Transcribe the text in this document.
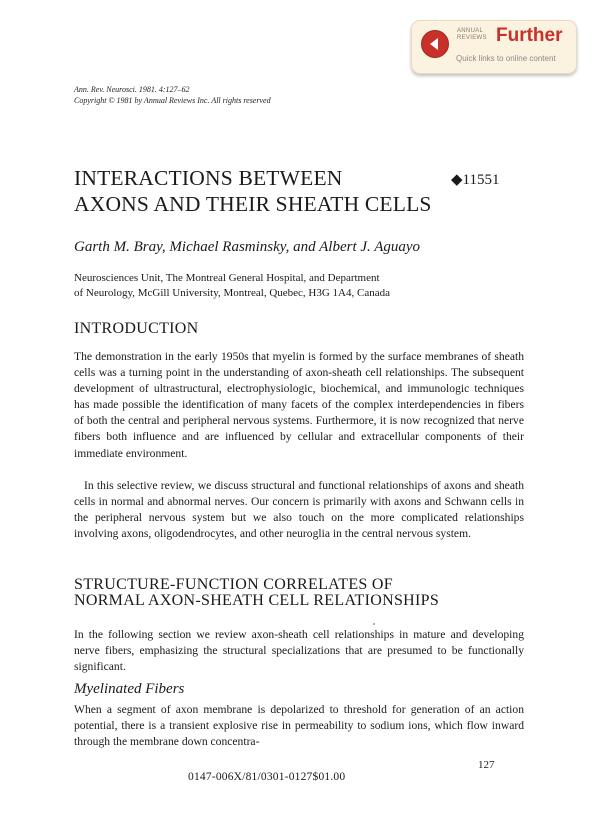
ANNUAL
REVIEWS Further
Quick links to online content
Ann. Rev. Neurosci. 1981. 4:127–62
Copyright © 1981 by Annual Reviews Inc. All rights reserved
INTERACTIONS BETWEEN
AXONS AND THEIR SHEATH CELLS
◆11551
Garth M. Bray, Michael Rasminsky, and Albert J. Aguayo
Neurosciences Unit, The Montreal General Hospital, and Department
of Neurology, McGill University, Montreal, Quebec, H3G 1A4, Canada
INTRODUCTION

The demonstration in the early 1950s that myelin is formed by the surface membranes of sheath cells was a turning point in the understanding of axon-sheath cell relationships. The subsequent development of ultrastructural, electrophysiologic, biochemical, and immunologic techniques has made possible the identification of many facets of the complex interdependencies in fibers of both the central and peripheral nervous systems. Furthermore, it is now recognized that nerve fibers both influence and are influenced by cellular and extracellular components of their immediate environment.

In this selective review, we discuss structural and functional relationships of axons and sheath cells in normal and abnormal nerves. Our concern is primarily with axons and Schwann cells in the peripheral nervous system but we also touch on the more complicated relationships involving axons, oligodendrocytes, and other neuroglia in the central nervous system.

STRUCTURE-FUNCTION CORRELATES OF
NORMAL AXON-SHEATH CELL RELATIONSHIPS

In the following section we review axon-sheath cell relationships in mature and developing nerve fibers, emphasizing the structural specializations that are presumed to be functionally significant.

Myelinated Fibers

When a segment of axon membrane is depolarized to threshold for generation of an action potential, there is a transient explosive rise in permeability to sodium ions, which flow inward through the membrane down concentra-

127
0147-006X/81/0301-0127$01.00
